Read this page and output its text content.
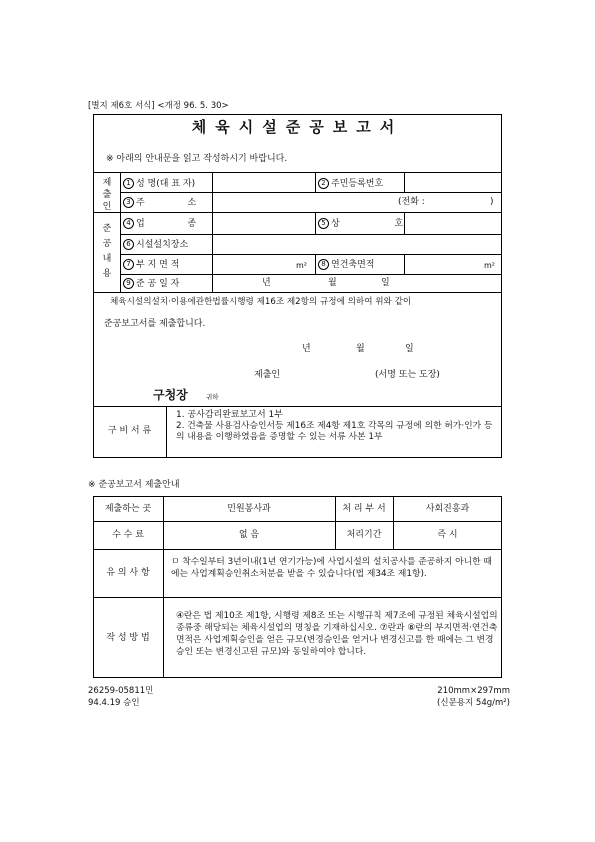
[별지 제6호 서식] <개정 96. 5. 30>
체육시설준공보고서
※ 아래의 안내문을 읽고 작성하시기 바랍니다.
제출인
준공내용
1 성 명(대 표 자)	2 주민등록번호
3 주 소	(전화 :	)
4 업 종	5 상 호
6 시설설치장소
7 부 지 면 적	m²	8 연건축면적	m²
9 준 공 일 자	년	월	일
체육시설의설치·이용에관한법률시행령 제16조 제2항의 규정에 의하여 위와 같이
준공보고서를 제출합니다.
년	월	일
제출인	(서명 또는 도장)
구청장	귀하
구 비 서 류
1. 공사감리완료보고서 1부
2. 건축물 사용검사승인서등 제16조 제4항 제1호 각목의 규정에 의한 허가·인가 등의 내용을 이행하였음을 증명할 수 있는 서류 사본 1부
※ 준공보고서 제출안내
제출하는 곳	민원봉사과	처 리 부 서	사회진흥과
수 수 료	없 음	처리기간	즉 시
유 의 사 항
ㅁ 착수일부터 3년이내(1년 연기가능)에 사업시설의 설치공사를 준공하지 아니한 때에는 사업계획승인취소처분을 받을 수 있습니다(법 제34조 제1항).
작 성 방 법
④란은 법 제10조 제1항, 시행령 제8조 또는 시행규칙 제7조에 규정된 체육시설업의 종류중 해당되는 체육시설업의 명칭을 기재하십시오. ⑦란과 ⑧란의 부지면적·연건축면적은 사업계획승인을 얻은 규모(변경승인을 얻거나 변경신고를 한 때에는 그 변경승인 또는 변경신고된 규모)와 동일하여야 합니다.
26259-05811민
94.4.19 승인
210mm×297mm
(신문용지 54g/m²)
